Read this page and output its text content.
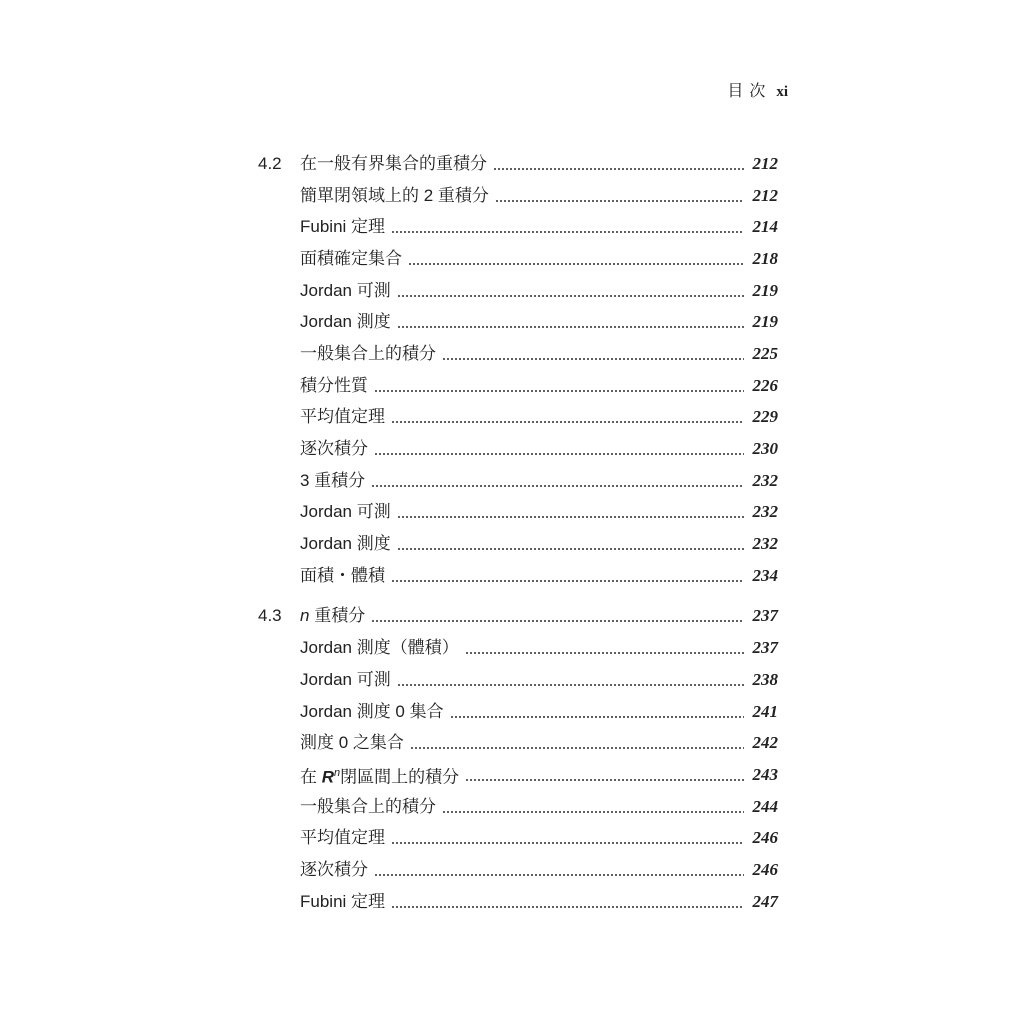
目 次 xi
4.2	在一般有界集合的重積分	212
簡單閉領域上的 2 重積分	212
Fubini 定理	214
面積確定集合	218
Jordan 可測	219
Jordan 測度	219
一般集合上的積分	225
積分性質	226
平均值定理	229
逐次積分	230
3 重積分	232
Jordan 可測	232
Jordan 測度	232
面積・體積	234
4.3	n 重積分	237
Jordan 測度（體積）	237
Jordan 可測	238
Jordan 測度 0 集合	241
測度 0 之集合	242
在 $R^n$閉區間上的積分	243
一般集合上的積分	244
平均值定理	246
逐次積分	246
Fubini 定理	247
